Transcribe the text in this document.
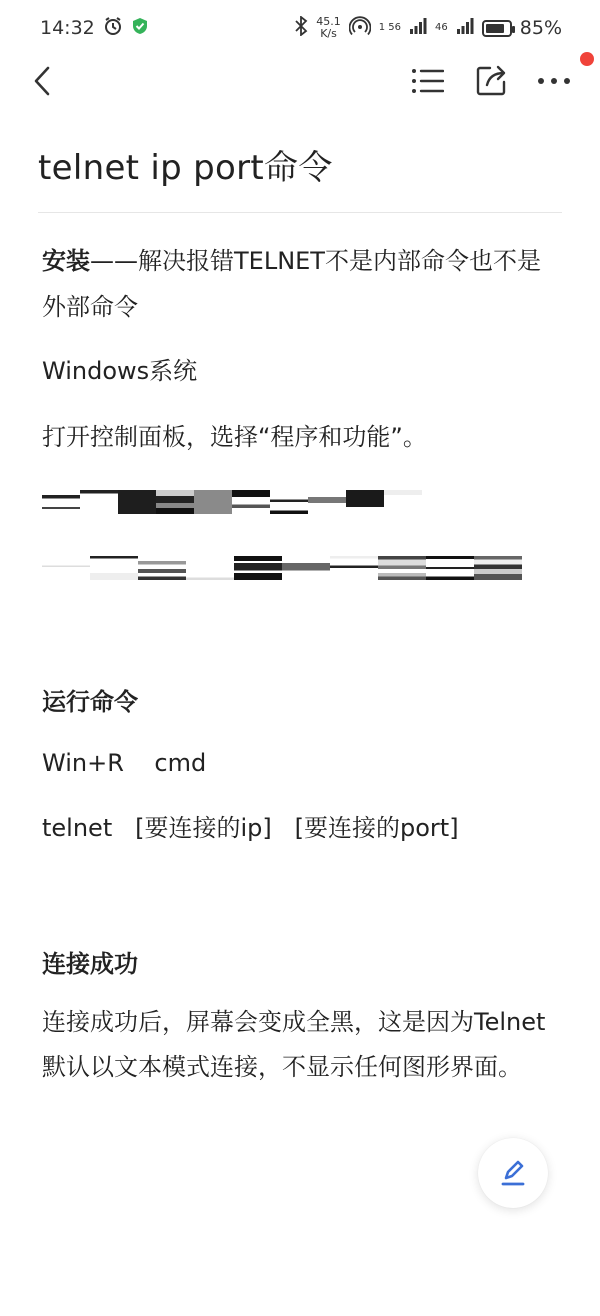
14:32	45.1
K/s	1 56	46	85%
telnet ip port命令

安装——解决报错TELNET不是内部命令也不是外部命令

Windows系统

打开控制面板，选择“程序和功能”。

运行命令

Win+R    cmd

telnet   [要连接的ip]   [要连接的port]

连接成功

连接成功后，屏幕会变成全黑，这是因为Telnet默认以文本模式连接，不显示任何图形界面。
